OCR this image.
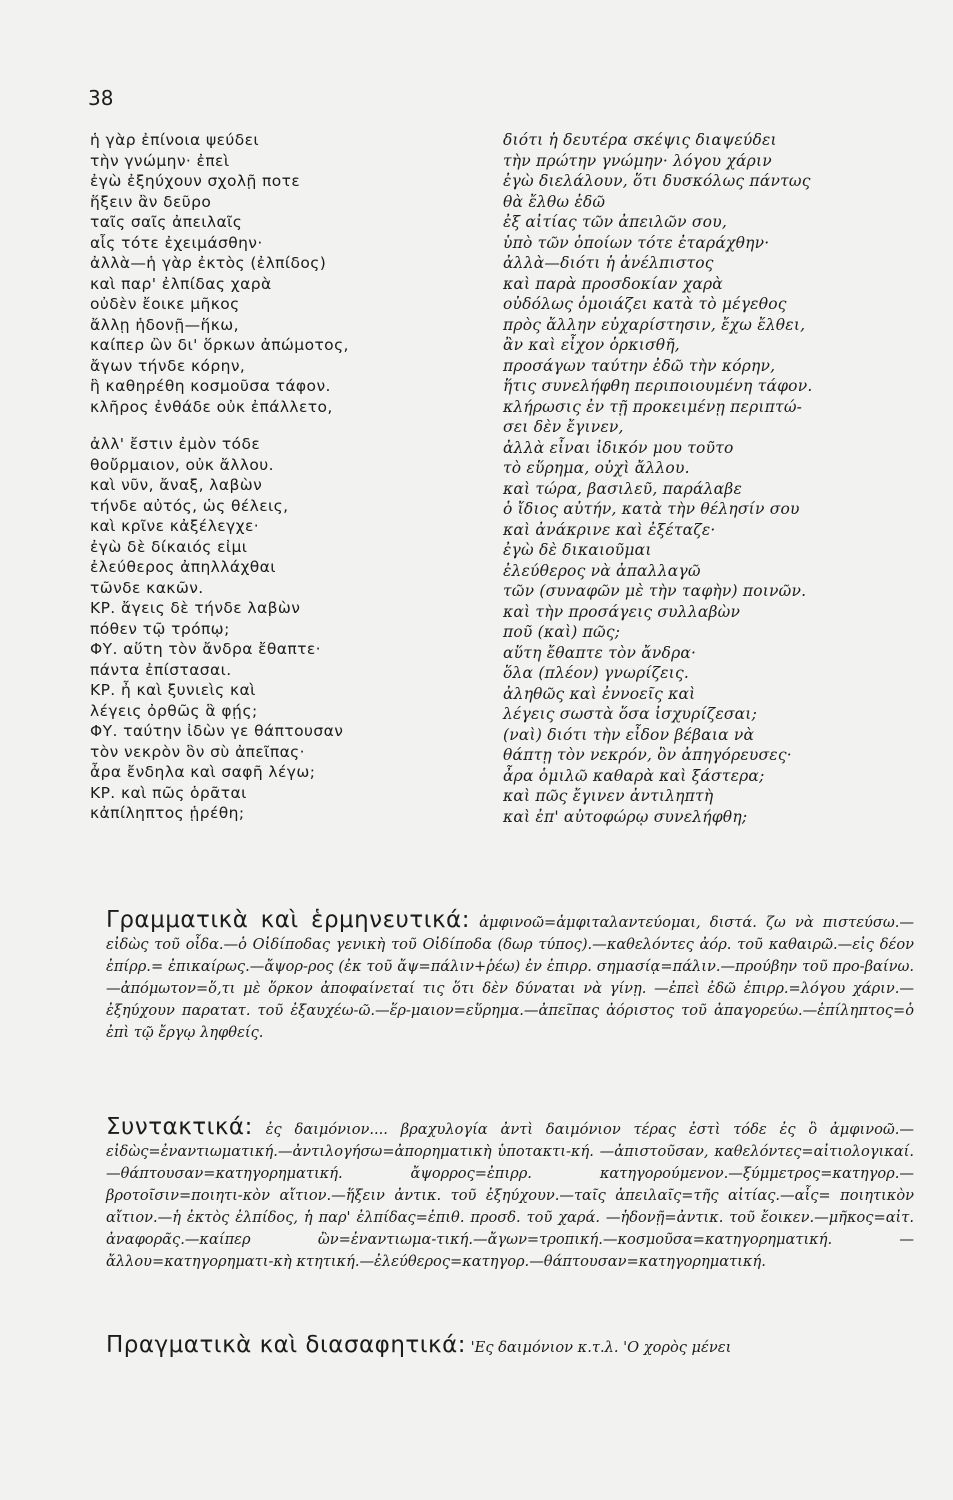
38
ἡ γὰρ ἐπίνοια ψεύδει
τὴν γνώμην· ἐπεὶ
ἐγὼ ἐξηύχουν σχολῇ ποτε
ἥξειν ἂν δεῦρο
ταῖς σαῖς ἀπειλαῖς
αἷς τότε ἐχειμάσθην·
ἀλλὰ—ἡ γὰρ ἐκτὸς (ἐλπίδος)
καὶ παρ' ἐλπίδας χαρὰ
οὐδὲν ἔοικε μῆκος
ἄλλῃ ἡδονῇ—ἥκω,
καίπερ ὢν δι' ὅρκων ἀπώμοτος,
ἄγων τήνδε κόρην,
ἣ καθηρέθη κοσμοῦσα τάφον.
κλῆρος ἐνθάδε οὐκ ἐπάλλετο,
ἀλλ' ἔστιν ἐμὸν τόδε
θοὔρμαιον, οὐκ ἄλλου.
καὶ νῦν, ἄναξ, λαβὼν
τήνδε αὐτός, ὡς θέλεις,
καὶ κρῖνε κἀξέλεγχε·
ἐγὼ δὲ δίκαιός εἰμι
ἐλεύθερος ἀπηλλάχθαι
τῶνδε κακῶν.
ΚΡ. ἄγεις δὲ τήνδε λαβὼν
πόθεν τῷ τρόπῳ;
ΦΥ. αὕτη τὸν ἄνδρα ἔθαπτε·
πάντα ἐπίστασαι.
ΚΡ. ἦ καὶ ξυνιεὶς καὶ
λέγεις ὀρθῶς ἃ φῄς;
ΦΥ. ταύτην ἰδὼν γε θάπτουσαν
τὸν νεκρὸν ὃν σὺ ἀπεῖπας·
ἆρα ἔνδηλα καὶ σαφῆ λέγω;
ΚΡ. καὶ πῶς ὁρᾶται
κἀπίληπτος ᾑρέθη;
διότι ἡ δευτέρα σκέψις διαψεύδει
τὴν πρώτην γνώμην· λόγου χάριν
ἐγὼ διελάλουν, ὅτι δυσκόλως πάντως
θὰ ἔλθω ἐδῶ
ἐξ αἰτίας τῶν ἀπειλῶν σου,
ὑπὸ τῶν ὁποίων τότε ἐταράχθην·
ἀλλὰ—διότι ἡ ἀνέλπιστος
καὶ παρὰ προσδοκίαν χαρὰ
οὐδόλως ὁμοιάζει κατὰ τὸ μέγεθος
πρὸς ἄλλην εὐχαρίστησιν, ἔχω ἔλθει,
ἂν καὶ εἶχον ὁρκισθῆ,
προσάγων ταύτην ἐδῶ τὴν κόρην,
ἥτις συνελήφθη περιποιουμένη τάφον.
κλήρωσις ἐν τῇ προκειμένῃ περιπτώ-
σει δὲν ἔγινεν,
ἀλλὰ εἶναι ἰδικόν μου τοῦτο
τὸ εὕρημα, οὐχὶ ἄλλου.
καὶ τώρα, βασιλεῦ, παράλαβε
ὁ ἴδιος αὐτήν, κατὰ τὴν θέλησίν σου
καὶ ἀνάκρινε καὶ ἐξέταζε·
ἐγὼ δὲ δικαιοῦμαι
ἐλεύθερος νὰ ἀπαλλαγῶ
τῶν (συναφῶν μὲ τὴν ταφὴν) ποινῶν.
καὶ τὴν προσάγεις συλλαβὼν
ποῦ (καὶ) πῶς;
αὕτη ἔθαπτε τὸν ἄνδρα·
ὅλα (πλέον) γνωρίζεις.
ἀληθῶς καὶ ἐννοεῖς καὶ
λέγεις σωστὰ ὅσα ἰσχυρίζεσαι;
(ναὶ) διότι τὴν εἶδον βέβαια νὰ
θάπτῃ τὸν νεκρόν, ὃν ἀπηγόρευσες·
ἆρα ὁμιλῶ καθαρὰ καὶ ξάστερα;
καὶ πῶς ἔγινεν ἀντιληπτὴ
καὶ ἐπ' αὐτοφώρῳ συνελήφθη;
Γραμματικὰ καὶ ἑρμηνευτικά: ἀμφινοῶ=ἀμφιταλαντεύομαι, διστά. ζω νὰ πιστεύσω.—εἰδὼς τοῦ οἶδα.—ὁ Οἰδίποδας γενικὴ τοῦ Οἰδίποδα (δωρ τύπος).—καθελόντες ἀόρ. τοῦ καθαιρῶ.—εἰς δέον ἐπίρρ.= ἐπικαίρως.—ἄψορ-ρος (ἐκ τοῦ ἄψ=πάλιν+ῥέω) ἐν ἐπιρρ. σημασίᾳ=πάλιν.—προύβην τοῦ προ-βαίνω.—ἀπόμωτον=ὅ,τι μὲ ὅρκον ἀποφαίνεταί τις ὅτι δὲν δύναται νὰ γίνῃ. —ἐπεὶ ἐδῶ ἐπιρρ.=λόγου χάριν.—ἐξηύχουν παρατατ. τοῦ ἐξαυχέω-ῶ.—ἕρ-μαιον=εὕρημα.—ἀπεῖπας ἀόριστος τοῦ ἀπαγορεύω.—ἐπίληπτος=ὁ ἐπὶ τῷ ἔργῳ ληφθείς.
Συντακτικά: ἐς δαιμόνιον.... βραχυλογία ἀντὶ δαιμόνιον τέρας ἐστὶ τόδε ἐς ὃ ἀμφινοῶ.—εἰδὼς=ἐναντιωματική.—ἀντιλογήσω=ἀπορηματικὴ ὑποτακτι-κή. —ἀπιστοῦσαν, καθελόντες=αἰτιολογικαί. —θάπτουσαν=κατηγορηματική. ἄψορρος=ἐπιρρ. κατηγορούμενον.—ξύμμετρος=κατηγορ.—βροτοῖσιν=ποιητι-κὸν αἴτιον.—ἥξειν ἀντικ. τοῦ ἐξηύχουν.—ταῖς ἀπειλαῖς=τῆς αἰτίας.—αἷς= ποιητικὸν αἴτιον.—ἡ ἐκτὸς ἐλπίδος, ἡ παρ' ἐλπίδας=ἐπιθ. προσδ. τοῦ χαρά. —ἡδονῇ=ἀντικ. τοῦ ἔοικεν.—μῆκος=αἰτ. ἀναφορᾶς.—καίπερ ὢν=ἐναντιωμα-τική.—ἄγων=τροπική.—κοσμοῦσα=κατηγορηματική. —ἄλλου=κατηγορηματι-κὴ κτητική.—ἐλεύθερος=κατηγορ.—θάπτουσαν=κατηγορηματική.
Πραγματικὰ καὶ διασαφητικά: 'Ες δαιμόνιον κ.τ.λ. 'Ο χορὸς μένει
